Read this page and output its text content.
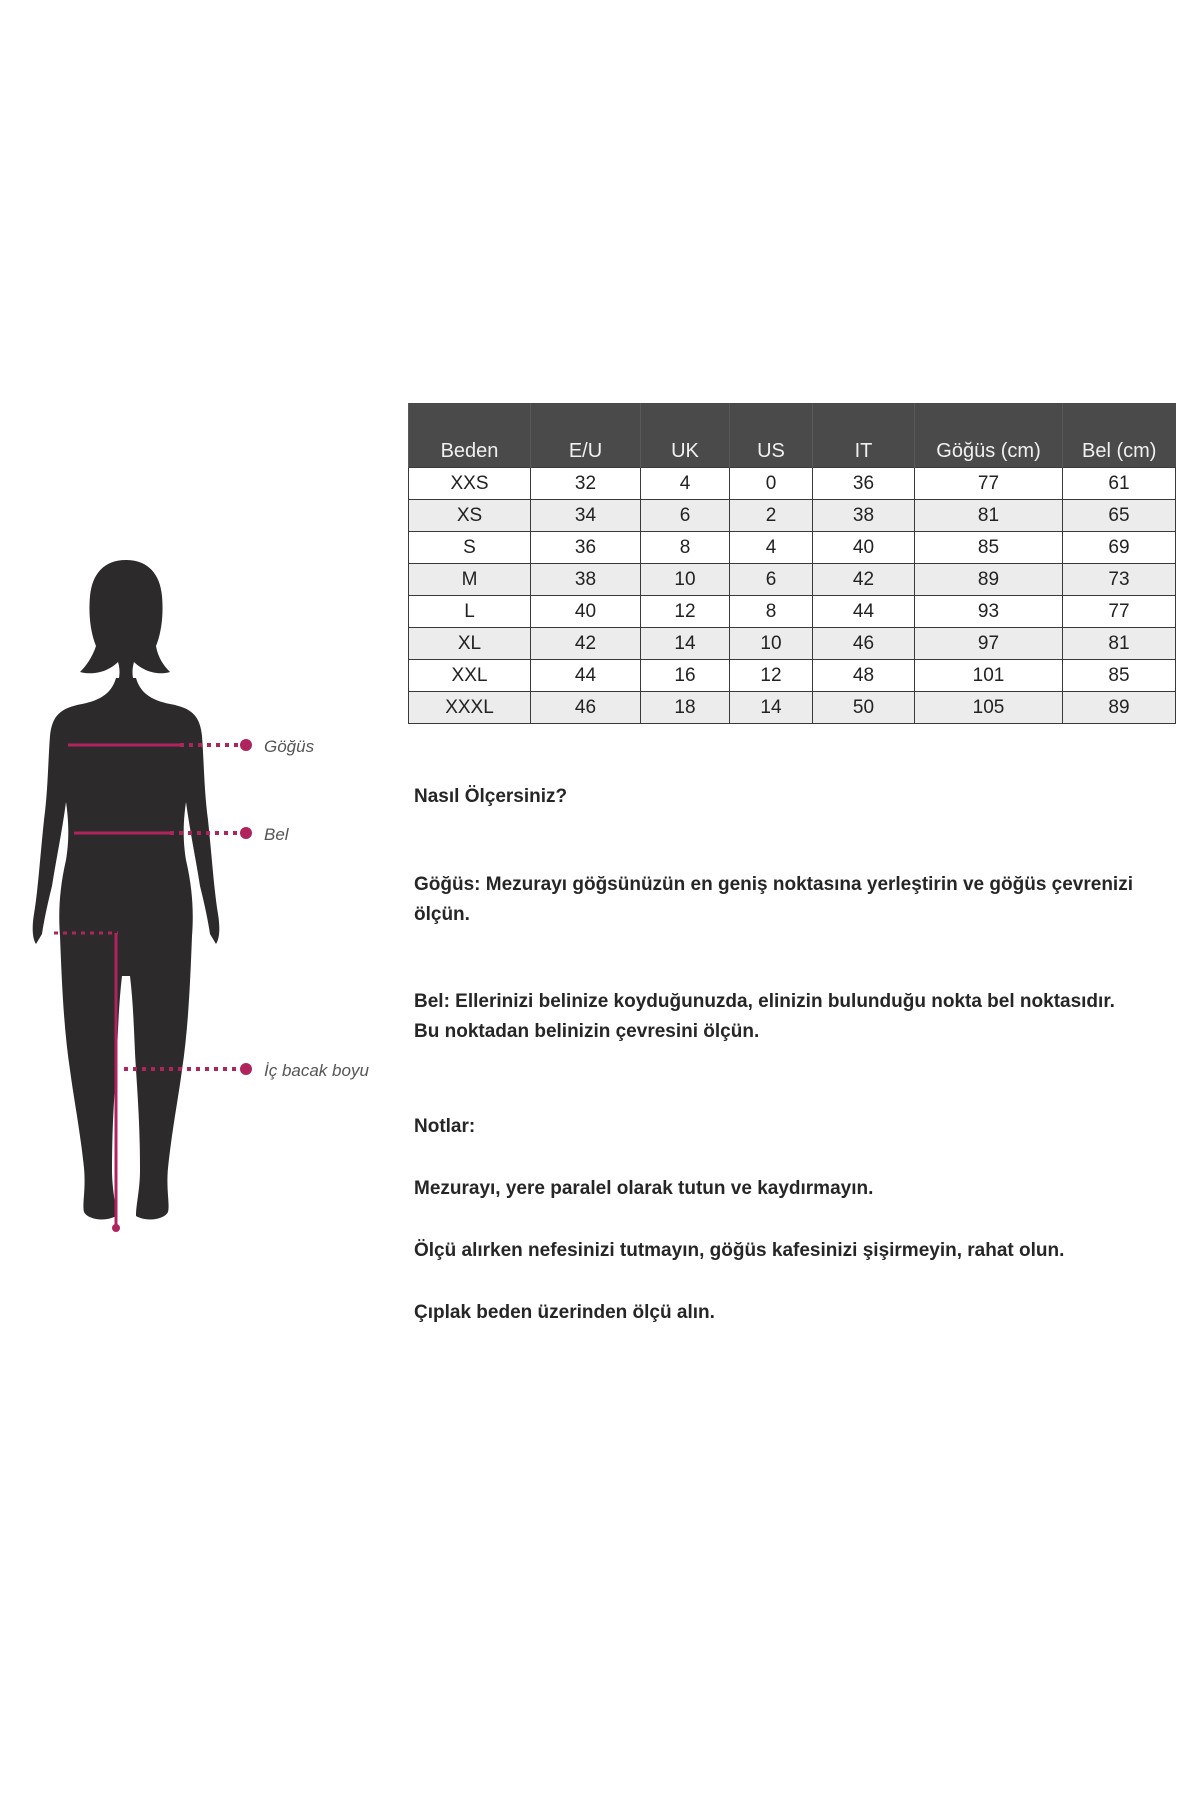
Göğüs
Bel
İç bacak boyu
Beden	E/U	UK	US	IT	Göğüs (cm)	Bel (cm)
XXS	32	4	0	36	77	61
XS	34	6	2	38	81	65
S	36	8	4	40	85	69
M	38	10	6	42	89	73
L	40	12	8	44	93	77
XL	42	14	10	46	97	81
XXL	44	16	12	48	101	85
XXXL	46	18	14	50	105	89

Nasıl Ölçersiniz?

Göğüs: Mezurayı göğsünüzün en geniş noktasına yerleştirin ve göğüs çevrenizi ölçün.

Bel: Ellerinizi belinize koyduğunuzda, elinizin bulunduğu nokta bel noktasıdır.
Bu noktadan belinizin çevresini ölçün.

Notlar:

Mezurayı, yere paralel olarak tutun ve kaydırmayın.

Ölçü alırken nefesinizi tutmayın, göğüs kafesinizi şişirmeyin, rahat olun.

Çıplak beden üzerinden ölçü alın.
